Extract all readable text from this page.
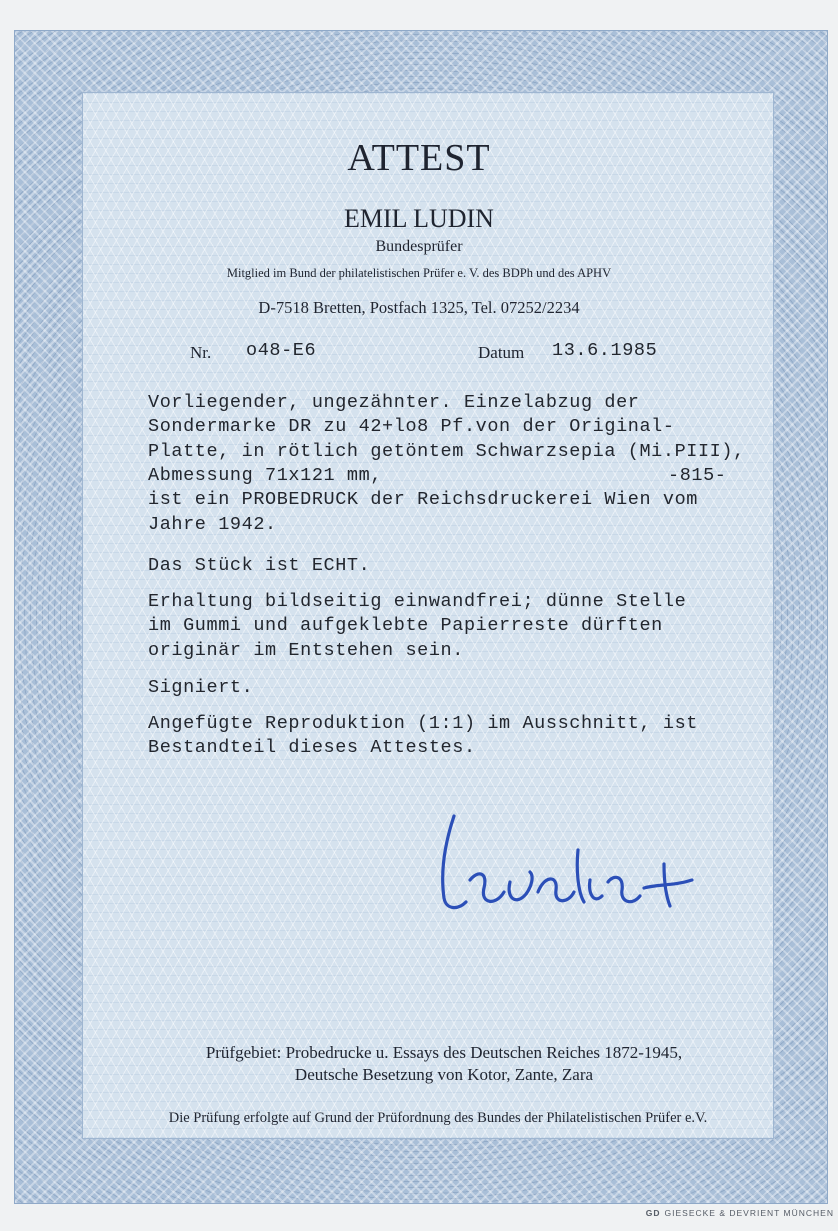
ATTEST
EMIL LUDIN
Bundesprüfer
Mitglied im Bund der philatelistischen Prüfer e. V. des BDPh und des APHV
D-7518 Bretten, Postfach 1325, Tel. 07252/2234
Nr. o48-E6	Datum 13.6.1985
Vorliegender, ungezähnter. Einzelabzug der
Sondermarke DR zu 42+lo8 Pf.von der Original-
Platte, in rötlich getöntem Schwarzsepia (Mi.PIII),
Abmessung 71x121 mm,	-815-
ist ein PROBEDRUCK der Reichsdruckerei Wien vom
Jahre 1942.
Das Stück ist ECHT.
Erhaltung bildseitig einwandfrei; dünne Stelle
im Gummi und aufgeklebte Papierreste dürften
originär im Entstehen sein.
Signiert.
Angefügte Reproduktion (1:1) im Ausschnitt, ist
Bestandteil dieses Attestes.
Prüfgebiet: Probedrucke u. Essays des Deutschen Reiches 1872-1945,
Deutsche Besetzung von Kotor, Zante, Zara
Die Prüfung erfolgte auf Grund der Prüfordnung des Bundes der Philatelistischen Prüfer e.V.
GD GIESECKE & DEVRIENT MÜNCHEN
